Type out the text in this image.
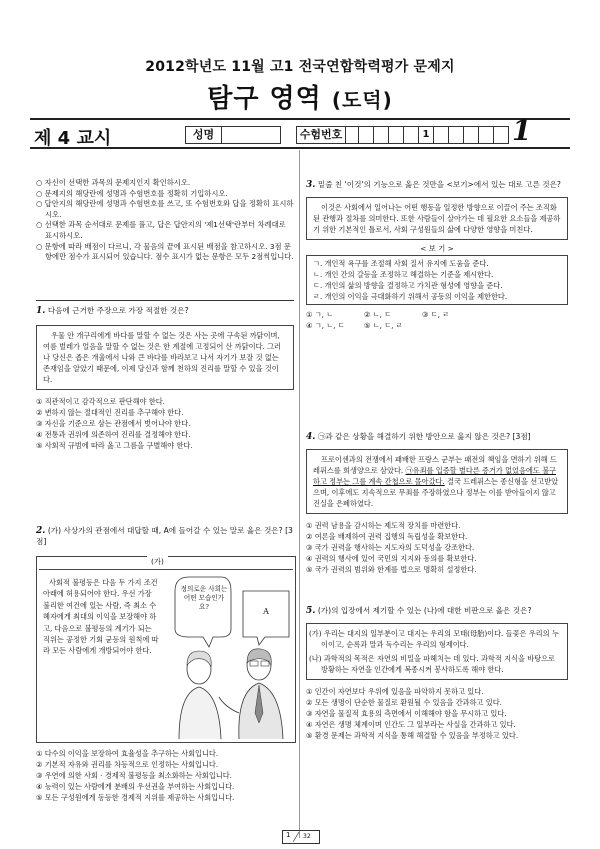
2012학년도 11월 고1 전국연합학력평가 문제지
탐구 영역 (도덕)
제 4 교시	성명	수험번호	1	1
○ 자신이 선택한 과목의 문제지인지 확인하시오.
○ 문제지의 해당란에 성명과 수험번호를 정확히 기입하시오.
○ 답안지의 해당란에 성명과 수험번호를 쓰고, 또 수험번호와 답을 정확히 표시하시오.
○ 선택한 과목 순서대로 문제를 풀고, 답은 답안지의 '제1선택'란부터 차례대로 표시하시오.
○ 문항에 따라 배점이 다르니, 각 물음의 끝에 표시된 배점을 참고하시오. 3점 문항에만 점수가 표시되어 있습니다. 점수 표시가 없는 문항은 모두 2점씩입니다.
1. 다음에 근거한 주장으로 가장 적절한 것은?
우물 안 개구리에게 바다를 말할 수 없는 것은 사는 곳에 구속된 까닭이며, 여름 벌레가 얼음을 말할 수 없는 것은 한 계절에 고정되어 산 까닭이다. 그러나 당신은 좁은 개울에서 나와 큰 바다를 바라보고 나서 자기가 보잘 것 없는 존재임을 알았기 때문에, 이제 당신과 함께 천하의 진리를 말할 수 있을 것이다.
① 직관적이고 감각적으로 판단해야 한다.
② 변하지 않는 절대적인 진리를 추구해야 한다.
③ 자신을 기준으로 삼는 관점에서 벗어나야 한다.
④ 전통과 권위에 의존하여 진리를 결정해야 한다.
⑤ 사회적 규범에 따라 옳고 그름을 구별해야 한다.
2. (가) 사상가의 관점에서 대답할 때, A에 들어갈 수 있는 말로 옳은 것은? [3점]
(가)
사회적 불평등은 다음 두 가지 조건 아래에 허용되어야 한다. 우선 가장 불리한 여건에 있는 사람, 즉 최소 수혜자에게 최대의 이익을 보장해야 하고, 다음으로 불평등의 계기가 되는 직위는 공정한 기회 균등의 원칙에 따라 모든 사람에게 개방되어야 한다.
정의로운 사회는 어떤 모습인가요?	A
① 다수의 이익을 보장하여 효율성을 추구하는 사회입니다.
② 기본적 자유와 권리를 차등적으로 인정하는 사회입니다.
③ 우연에 의한 사회 · 경제적 불평등을 최소화하는 사회입니다.
④ 능력이 있는 사람에게 분배의 우선권을 부여하는 사회입니다.
⑤ 모든 구성원에게 동등한 경제적 지위를 제공하는 사회입니다.
3. 밑줄 친 '이것'의 기능으로 옳은 것만을 <보기>에서 있는 대로 고른 것은?
이것은 사회에서 일어나는 어떤 행동을 일정한 방향으로 이끌어 주는 조직화된 관행과 절차를 의미한다. 또한 사람들이 살아가는 데 필요한 요소들을 제공하기 위한 기본적인 틀로서, 사회 구성원들의 삶에 다양한 영향을 미친다.
< 보 기 >
ㄱ. 개인적 욕구를 조절해 사회 질서 유지에 도움을 준다.
ㄴ. 개인 간의 갈등을 조정하고 해결하는 기준을 제시한다.
ㄷ. 개인의 삶의 방향을 결정하고 가치관 형성에 영향을 준다.
ㄹ. 개인의 이익을 극대화하기 위해서 공동의 이익을 제한한다.
① ㄱ, ㄴ	② ㄴ, ㄷ	③ ㄷ, ㄹ
④ ㄱ, ㄴ, ㄷ	⑤ ㄴ, ㄷ, ㄹ
4. ㉠과 같은 상황을 해결하기 위한 방안으로 옳지 않은 것은? [3점]
프로이센과의 전쟁에서 패배한 프랑스 군부는 패전의 책임을 면하기 위해 드레퓌스를 희생양으로 삼았다. ㉠유죄를 입증할 별다른 증거가 없었음에도 불구하고 정부는 그를 계속 간첩으로 몰아갔다. 결국 드레퓌스는 종신형을 선고받았으며, 이후에도 지속적으로 무죄를 주장하였으나 정부는 이를 받아들이지 않고 진실을 은폐하였다.
① 권력 남용을 감시하는 제도적 장치를 마련한다.
② 여론을 배제하여 권력 집행의 독립성을 확보한다.
③ 국가 권력을 행사하는 지도자의 도덕성을 강조한다.
④ 권력의 행사에 있어 국민의 지지와 동의를 확보한다.
⑤ 국가 권력의 범위와 한계를 법으로 명확히 설정한다.
5. (가)의 입장에서 제기할 수 있는 (나)에 대한 비판으로 옳은 것은?
(가) 우리는 대지의 일부분이고 대지는 우리의 모태(母胎)이다. 들꽃은 우리의 누이이고, 순록과 말과 독수리는 우리의 형제이다.
(나) 과학적의 목적은 자연의 비밀을 파헤치는 데 있다. 과학적 지식을 바탕으로 방황하는 자연을 인간에게 복종시켜 봉사하도록 해야 한다.
① 인간이 자연보다 우위에 있음을 파악하지 못하고 있다.
② 모든 생명이 단순한 물질로 환원될 수 있음을 간과하고 있다.
③ 자연을 물질적 효용의 측면에서 이해해야 함을 무시하고 있다.
④ 자연은 생명 체계이며 인간도 그 일부라는 사실을 간과하고 있다.
⑤ 환경 문제는 과학적 지식을 통해 해결할 수 있음을 부정하고 있다.
1 32
